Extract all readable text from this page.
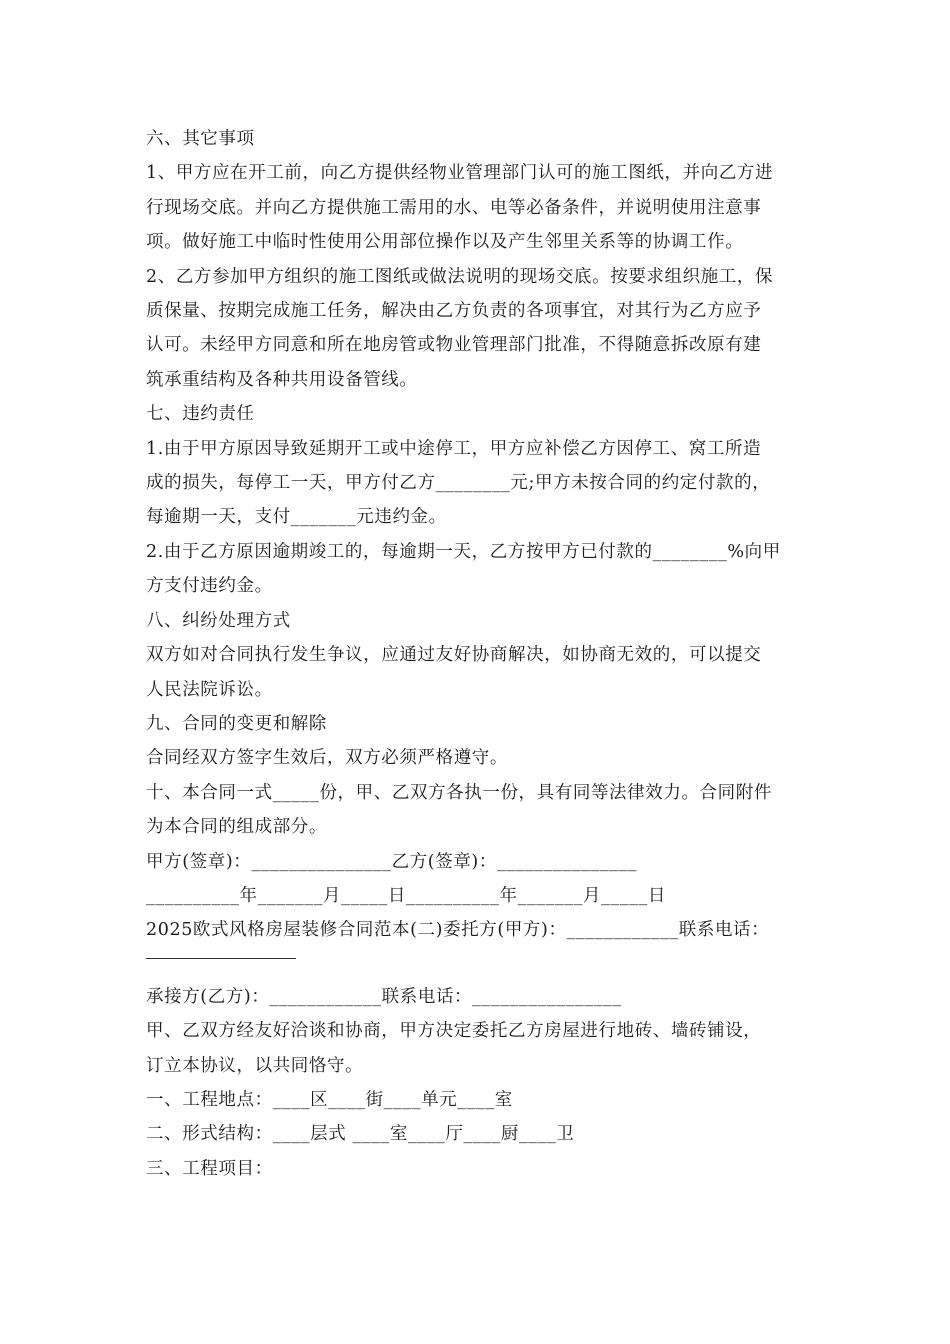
六、其它事项

1、甲方应在开工前，向乙方提供经物业管理部门认可的施工图纸，并向乙方进

行现场交底。并向乙方提供施工需用的水、电等必备条件，并说明使用注意事

项。做好施工中临时性使用公用部位操作以及产生邻里关系等的协调工作。

2、乙方参加甲方组织的施工图纸或做法说明的现场交底。按要求组织施工，保

质保量、按期完成施工任务，解决由乙方负责的各项事宜，对其行为乙方应予

认可。未经甲方同意和所在地房管或物业管理部门批准，不得随意拆改原有建

筑承重结构及各种共用设备管线。

七、违约责任

1.由于甲方原因导致延期开工或中途停工，甲方应补偿乙方因停工、窝工所造

成的损失，每停工一天，甲方付乙方________元;甲方未按合同的约定付款的，

每逾期一天，支付_______元违约金。

2.由于乙方原因逾期竣工的，每逾期一天，乙方按甲方已付款的________%向甲

方支付违约金。

八、纠纷处理方式

双方如对合同执行发生争议，应通过友好协商解决，如协商无效的，可以提交

人民法院诉讼。

九、合同的变更和解除

合同经双方签字生效后，双方必须严格遵守。

十、本合同一式_____份，甲、乙双方各执一份，具有同等法律效力。合同附件

为本合同的组成部分。

甲方(签章)：_______________乙方(签章)：_______________

__________年_______月_____日__________年_______月_____日

2025欧式风格房屋装修合同范本(二)委托方(甲方)：____________联系电话：

承接方(乙方)：____________联系电话：________________

甲、乙双方经友好洽谈和协商，甲方决定委托乙方房屋进行地砖、墙砖铺设，

订立本协议，以共同恪守。

一、工程地点：____区____街____单元____室

二、形式结构：____层式 ____室____厅____厨____卫

三、工程项目：
